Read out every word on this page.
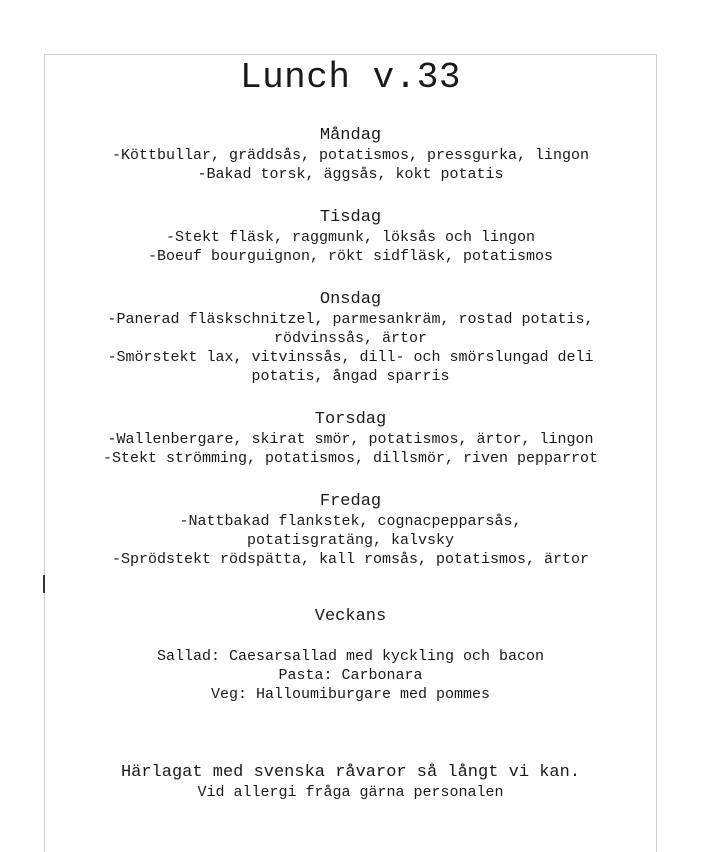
Lunch v.33
Måndag
-Köttbullar, gräddsås, potatismos, pressgurka, lingon
-Bakad torsk, äggsås, kokt potatis
Tisdag
-Stekt fläsk, raggmunk, löksås och lingon
-Boeuf bourguignon, rökt sidfläsk, potatismos
Onsdag
-Panerad fläskschnitzel, parmesankräm, rostad potatis,
rödvinssås, ärtor
-Smörstekt lax, vitvinssås, dill- och smörslungad deli
potatis, ångad sparris
Torsdag
-Wallenbergare, skirat smör, potatismos, ärtor, lingon
-Stekt strömming, potatismos, dillsmör, riven pepparrot
Fredag
-Nattbakad flankstek, cognacpepparsås,
potatisgratäng, kalvsky
-Sprödstekt rödspätta, kall romsås, potatismos, ärtor
Veckans
Sallad: Caesarsallad med kyckling och bacon
Pasta: Carbonara
Veg: Halloumiburgare med pommes
Härlagat med svenska råvaror så långt vi kan.
Vid allergi fråga gärna personalen
